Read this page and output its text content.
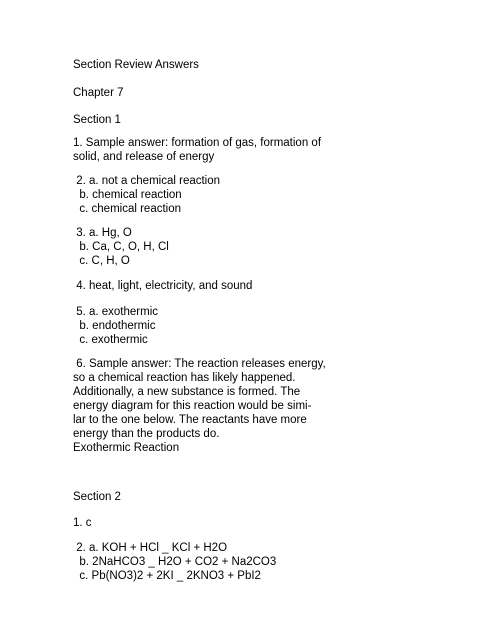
Section Review Answers

Chapter 7

Section 1

1. Sample answer: formation of gas, formation of

solid, and release of energy

2. a. not a chemical reaction

b. chemical reaction

c. chemical reaction

3. a. Hg, O

b. Ca, C, O, H, Cl

c. C, H, O

4. heat, light, electricity, and sound

5. a. exothermic

b. endothermic

c. exothermic

6. Sample answer: The reaction releases energy,

so a chemical reaction has likely happened.

Additionally, a new substance is formed. The

energy diagram for this reaction would be simi-

lar to the one below. The reactants have more

energy than the products do.

Exothermic Reaction

Section 2

1. c

2. a. KOH + HCl _ KCl + H2O

b. 2NaHCO3 _ H2O + CO2 + Na2CO3

c. Pb(NO3)2 + 2KI _ 2KNO3 + PbI2
